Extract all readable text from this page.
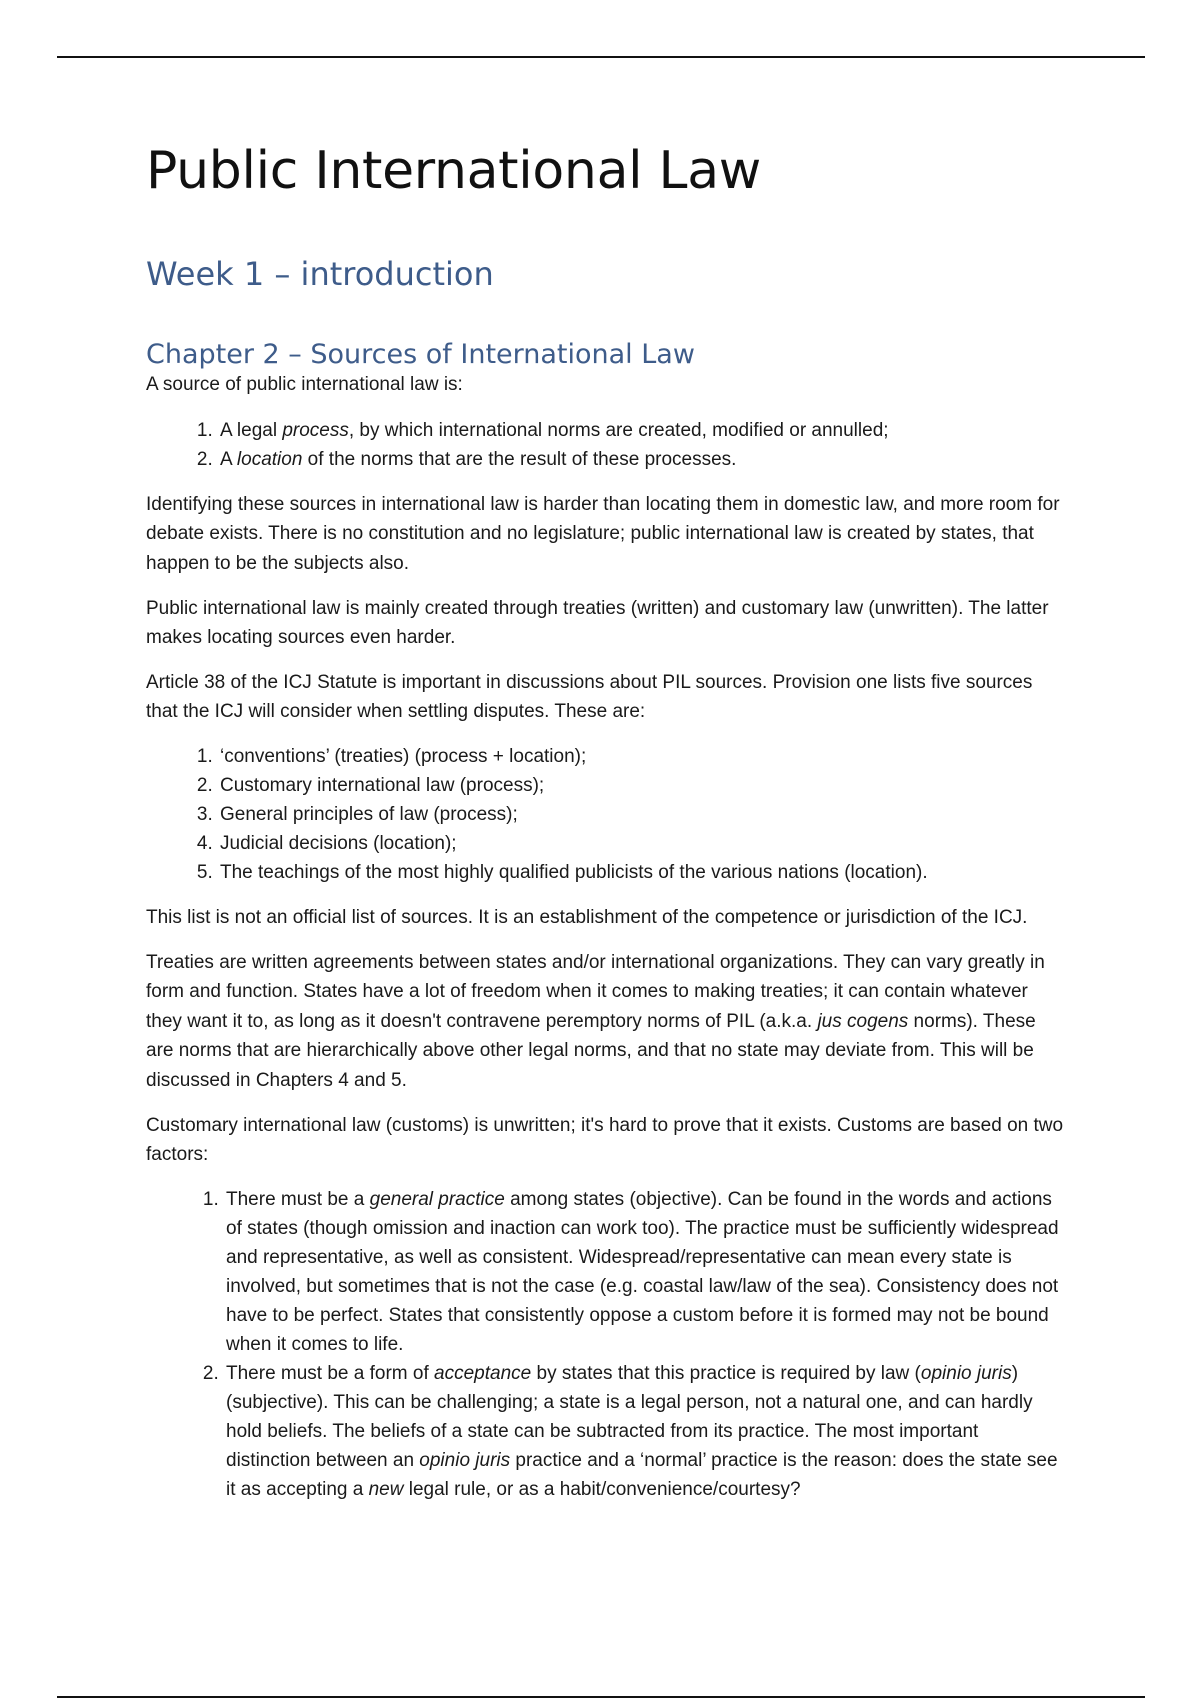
Public International Law
Week 1 – introduction
Chapter 2 – Sources of International Law

A source of public international law is:

1. A legal process, by which international norms are created, modified or annulled;
2. A location of the norms that are the result of these processes.

Identifying these sources in international law is harder than locating them in domestic law, and more room for debate exists. There is no constitution and no legislature; public international law is created by states, that happen to be the subjects also.

Public international law is mainly created through treaties (written) and customary law (unwritten). The latter makes locating sources even harder.

Article 38 of the ICJ Statute is important in discussions about PIL sources. Provision one lists five sources that the ICJ will consider when settling disputes. These are:

1. ‘conventions’ (treaties) (process + location);
2. Customary international law (process);
3. General principles of law (process);
4. Judicial decisions (location);
5. The teachings of the most highly qualified publicists of the various nations (location).

This list is not an official list of sources. It is an establishment of the competence or jurisdiction of the ICJ.

Treaties are written agreements between states and/or international organizations. They can vary greatly in form and function. States have a lot of freedom when it comes to making treaties; it can contain whatever they want it to, as long as it doesn't contravene peremptory norms of PIL (a.k.a. jus cogens norms). These are norms that are hierarchically above other legal norms, and that no state may deviate from. This will be discussed in Chapters 4 and 5.

Customary international law (customs) is unwritten; it's hard to prove that it exists. Customs are based on two factors:

1. There must be a general practice among states (objective). Can be found in the words and actions of states (though omission and inaction can work too). The practice must be sufficiently widespread and representative, as well as consistent. Widespread/representative can mean every state is involved, but sometimes that is not the case (e.g. coastal law/law of the sea). Consistency does not have to be perfect. States that consistently oppose a custom before it is formed may not be bound when it comes to life.
2. There must be a form of acceptance by states that this practice is required by law (opinio juris) (subjective). This can be challenging; a state is a legal person, not a natural one, and can hardly hold beliefs. The beliefs of a state can be subtracted from its practice. The most important distinction between an opinio juris practice and a ‘normal’ practice is the reason: does the state see it as accepting a new legal rule, or as a habit/convenience/courtesy?
